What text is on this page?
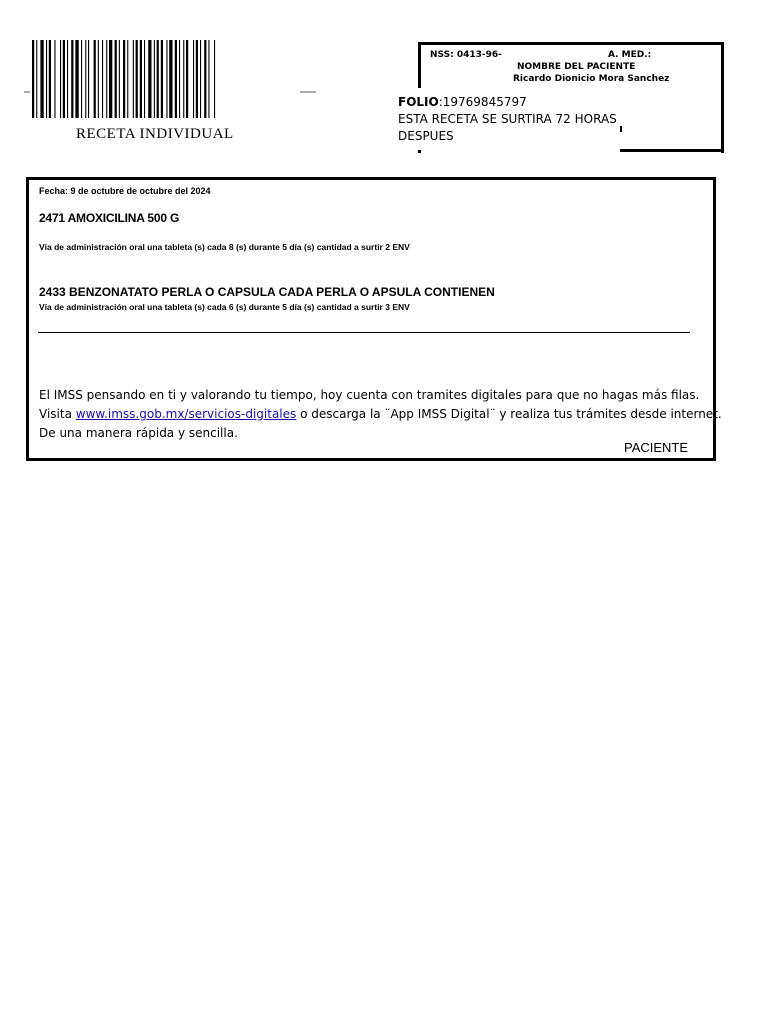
RECETA INDIVIDUAL
NSS: 0413-96-	A. MED.:
NOMBRE DEL PACIENTE
Ricardo Dionicio Mora Sanchez
FOLIO:19769845797
ESTA RECETA SE SURTIRA 72 HORAS DESPUES
Fecha: 9 de octubre de octubre del 2024
2471 AMOXICILINA 500 G
Vía de administración oral una tableta (s) cada 8 (s) durante 5 día (s) cantidad a surtir 2 ENV
2433 BENZONATATO PERLA O CAPSULA CADA PERLA O APSULA CONTIENEN
Vía de administración oral una tableta (s) cada 6 (s) durante 5 día (s) cantidad a surtir 3 ENV
El IMSS pensando en ti y valorando tu tiempo, hoy cuenta con tramites digitales para que no hagas más filas.
Visita www.imss.gob.mx/servicios-digitales o descarga la ¨App IMSS Digital¨ y realiza tus trámites desde internet.
De una manera rápida y sencilla.
PACIENTE
